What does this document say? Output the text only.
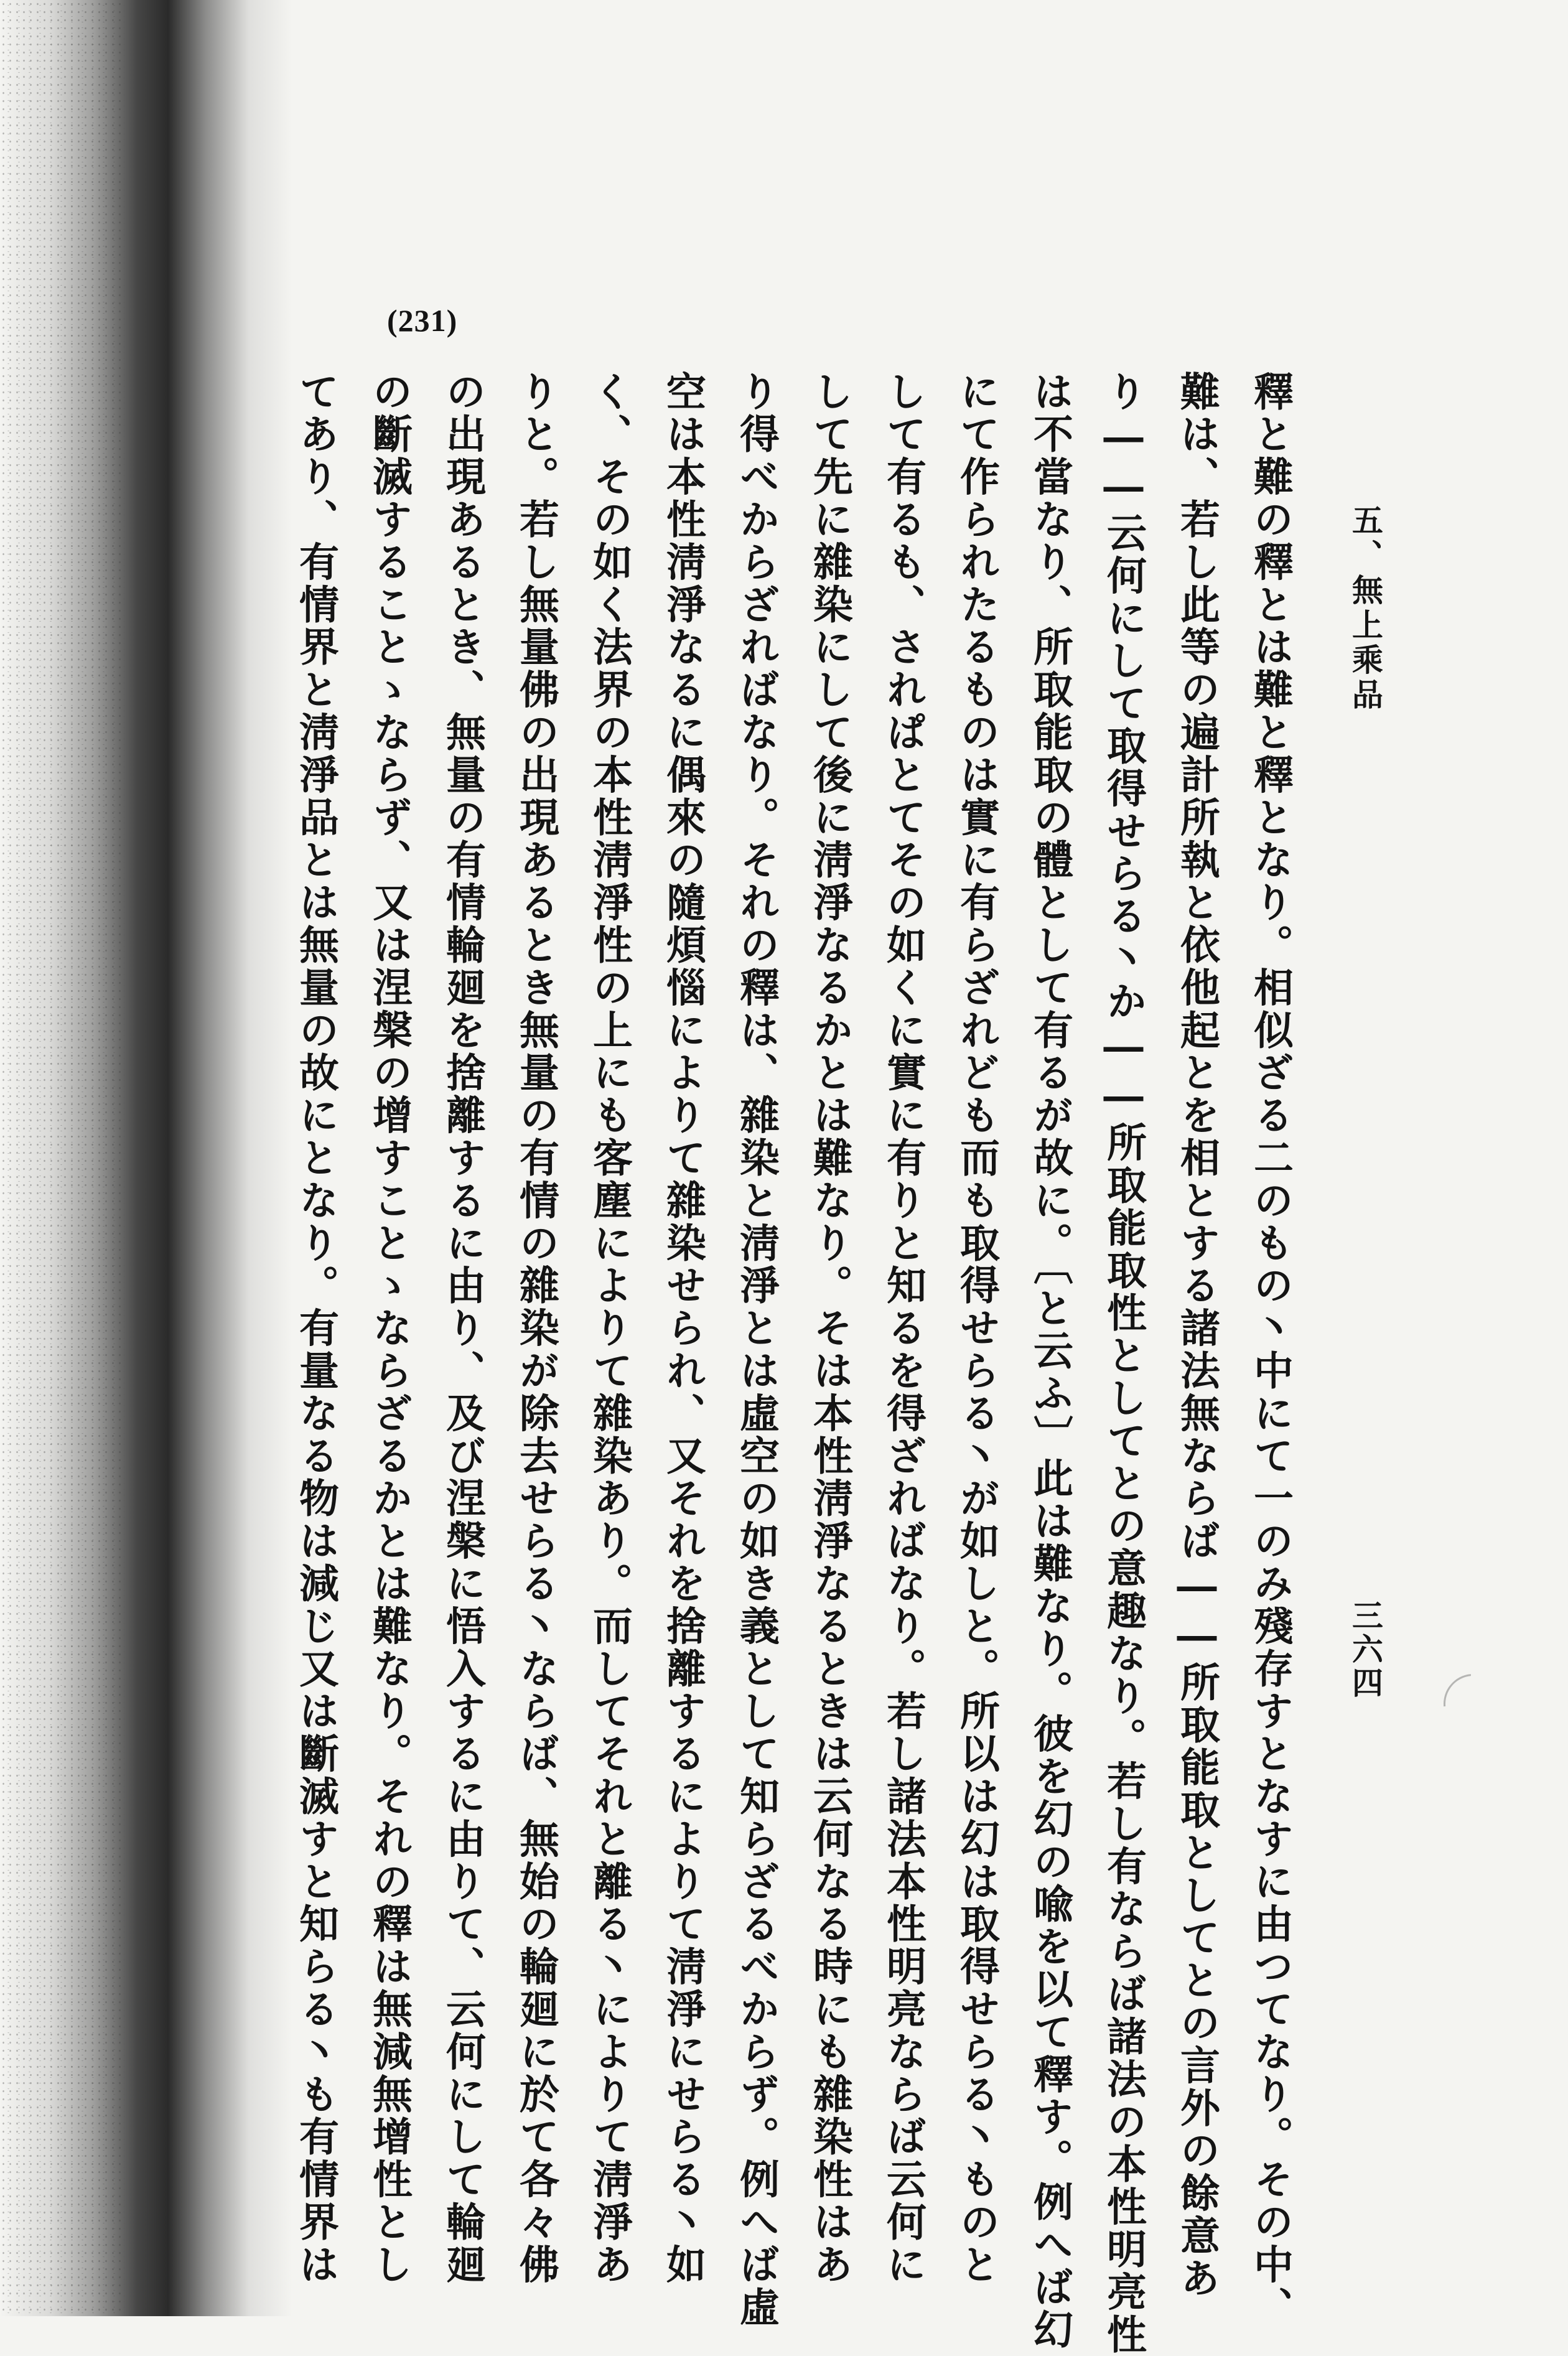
(231)
五、無上乘品
三六四
釋と難の釋とは難と釋となり。相似ざる二のもの丶中にて一のみ殘存すとなすに由つてなり。その中、
難は、若し此等の遍計所執と依他起とを相とする諸法無ならば――所取能取としてとの言外の餘意あ
り――云何にして取得せらる丶か――所取能取性としてとの意趣なり。若し有ならば諸法の本性明亮性
は不當なり、所取能取の體として有るが故に。〔と云ふ〕此は難なり。彼を幻の喩を以て釋す。例へば幻
にて作られたるものは實に有らざれども而も取得せらる丶が如しと。所以は幻は取得せらる丶ものと
して有るも、されぱとてその如くに實に有りと知るを得ざればなり。若し諸法本性明亮ならば云何に
して先に雜染にして後に淸淨なるかとは難なり。そは本性淸淨なるときは云何なる時にも雜染性はあ
り得べからざればなり。それの釋は、雜染と淸淨とは虛空の如き義として知らざるべからず。例へば虛
空は本性淸淨なるに偶來の隨煩惱によりて雜染せられ、又それを捨離するによりて淸淨にせらる丶如
く、その如く法界の本性淸淨性の上にも客塵によりて雜染あり。而してそれと離る丶によりて淸淨あ
りと。若し無量佛の出現あるとき無量の有情の雜染が除去せらる丶ならば、無始の輪廻に於て各々佛
の出現あるとき、無量の有情輪廻を捨離するに由り、及び涅槃に悟入するに由りて、云何にして輪廻
の斷滅することゝならず、又は涅槃の增すことゝならざるかとは難なり。それの釋は無減無增性とし
てあり、有情界と淸淨品とは無量の故にとなり。有量なる物は減じ又は斷滅すと知らる丶も有情界は
